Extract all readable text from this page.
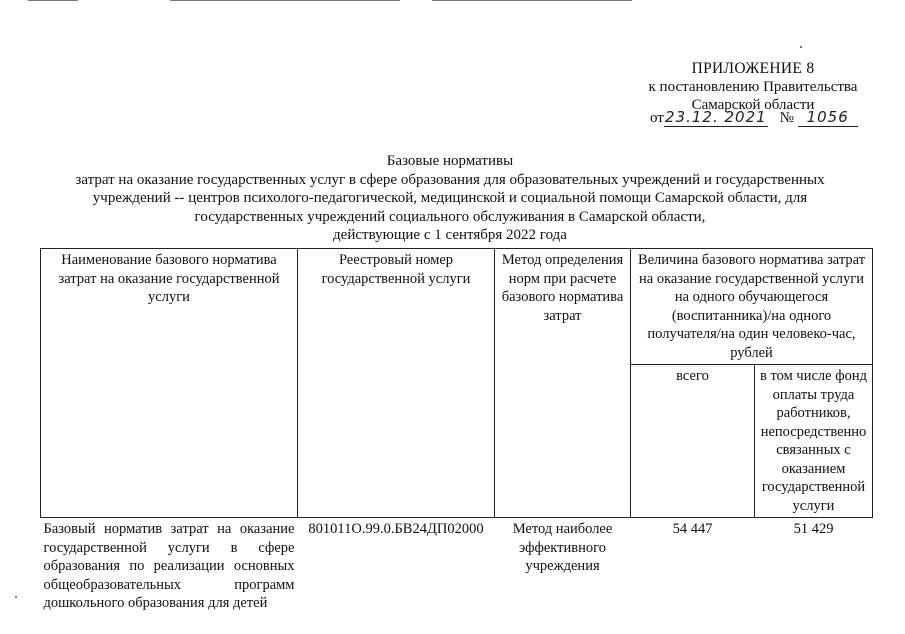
ПРИЛОЖЕНИЕ 8
к постановлению Правительства
Самарской области
от23.12. 2021 № 1056
Базовые нормативы
затрат на оказание государственных услуг в сфере образования для образовательных учреждений и государственных
учреждений -- центров психолого-педагогической, медицинской и социальной помощи Самарской области, для
государственных учреждений социального обслуживания в Самарской области,
действующие с 1 сентября 2022 года
Наименование базового норматива затрат на оказание государственной услуги	Реестровый номер государственной услуги	Метод определения норм при расчете базового норматива затрат	Величина базового норматива затрат на оказание государственной услуги на одного обучающегося (воспитанника)/на одного получателя/на один человеко-час, рублей	
			всего	в том числе фонд оплаты труда работников, непосредственно связанных с оказанием государственной услуги
Базовый норматив затрат на оказание государственной услуги в сфере образования по реализации основных общеобразовательных программ дошкольного образования для детей	801011О.99.0.БВ24ДП02000	Метод наиболее эффективного учреждения	54 447	51 429
